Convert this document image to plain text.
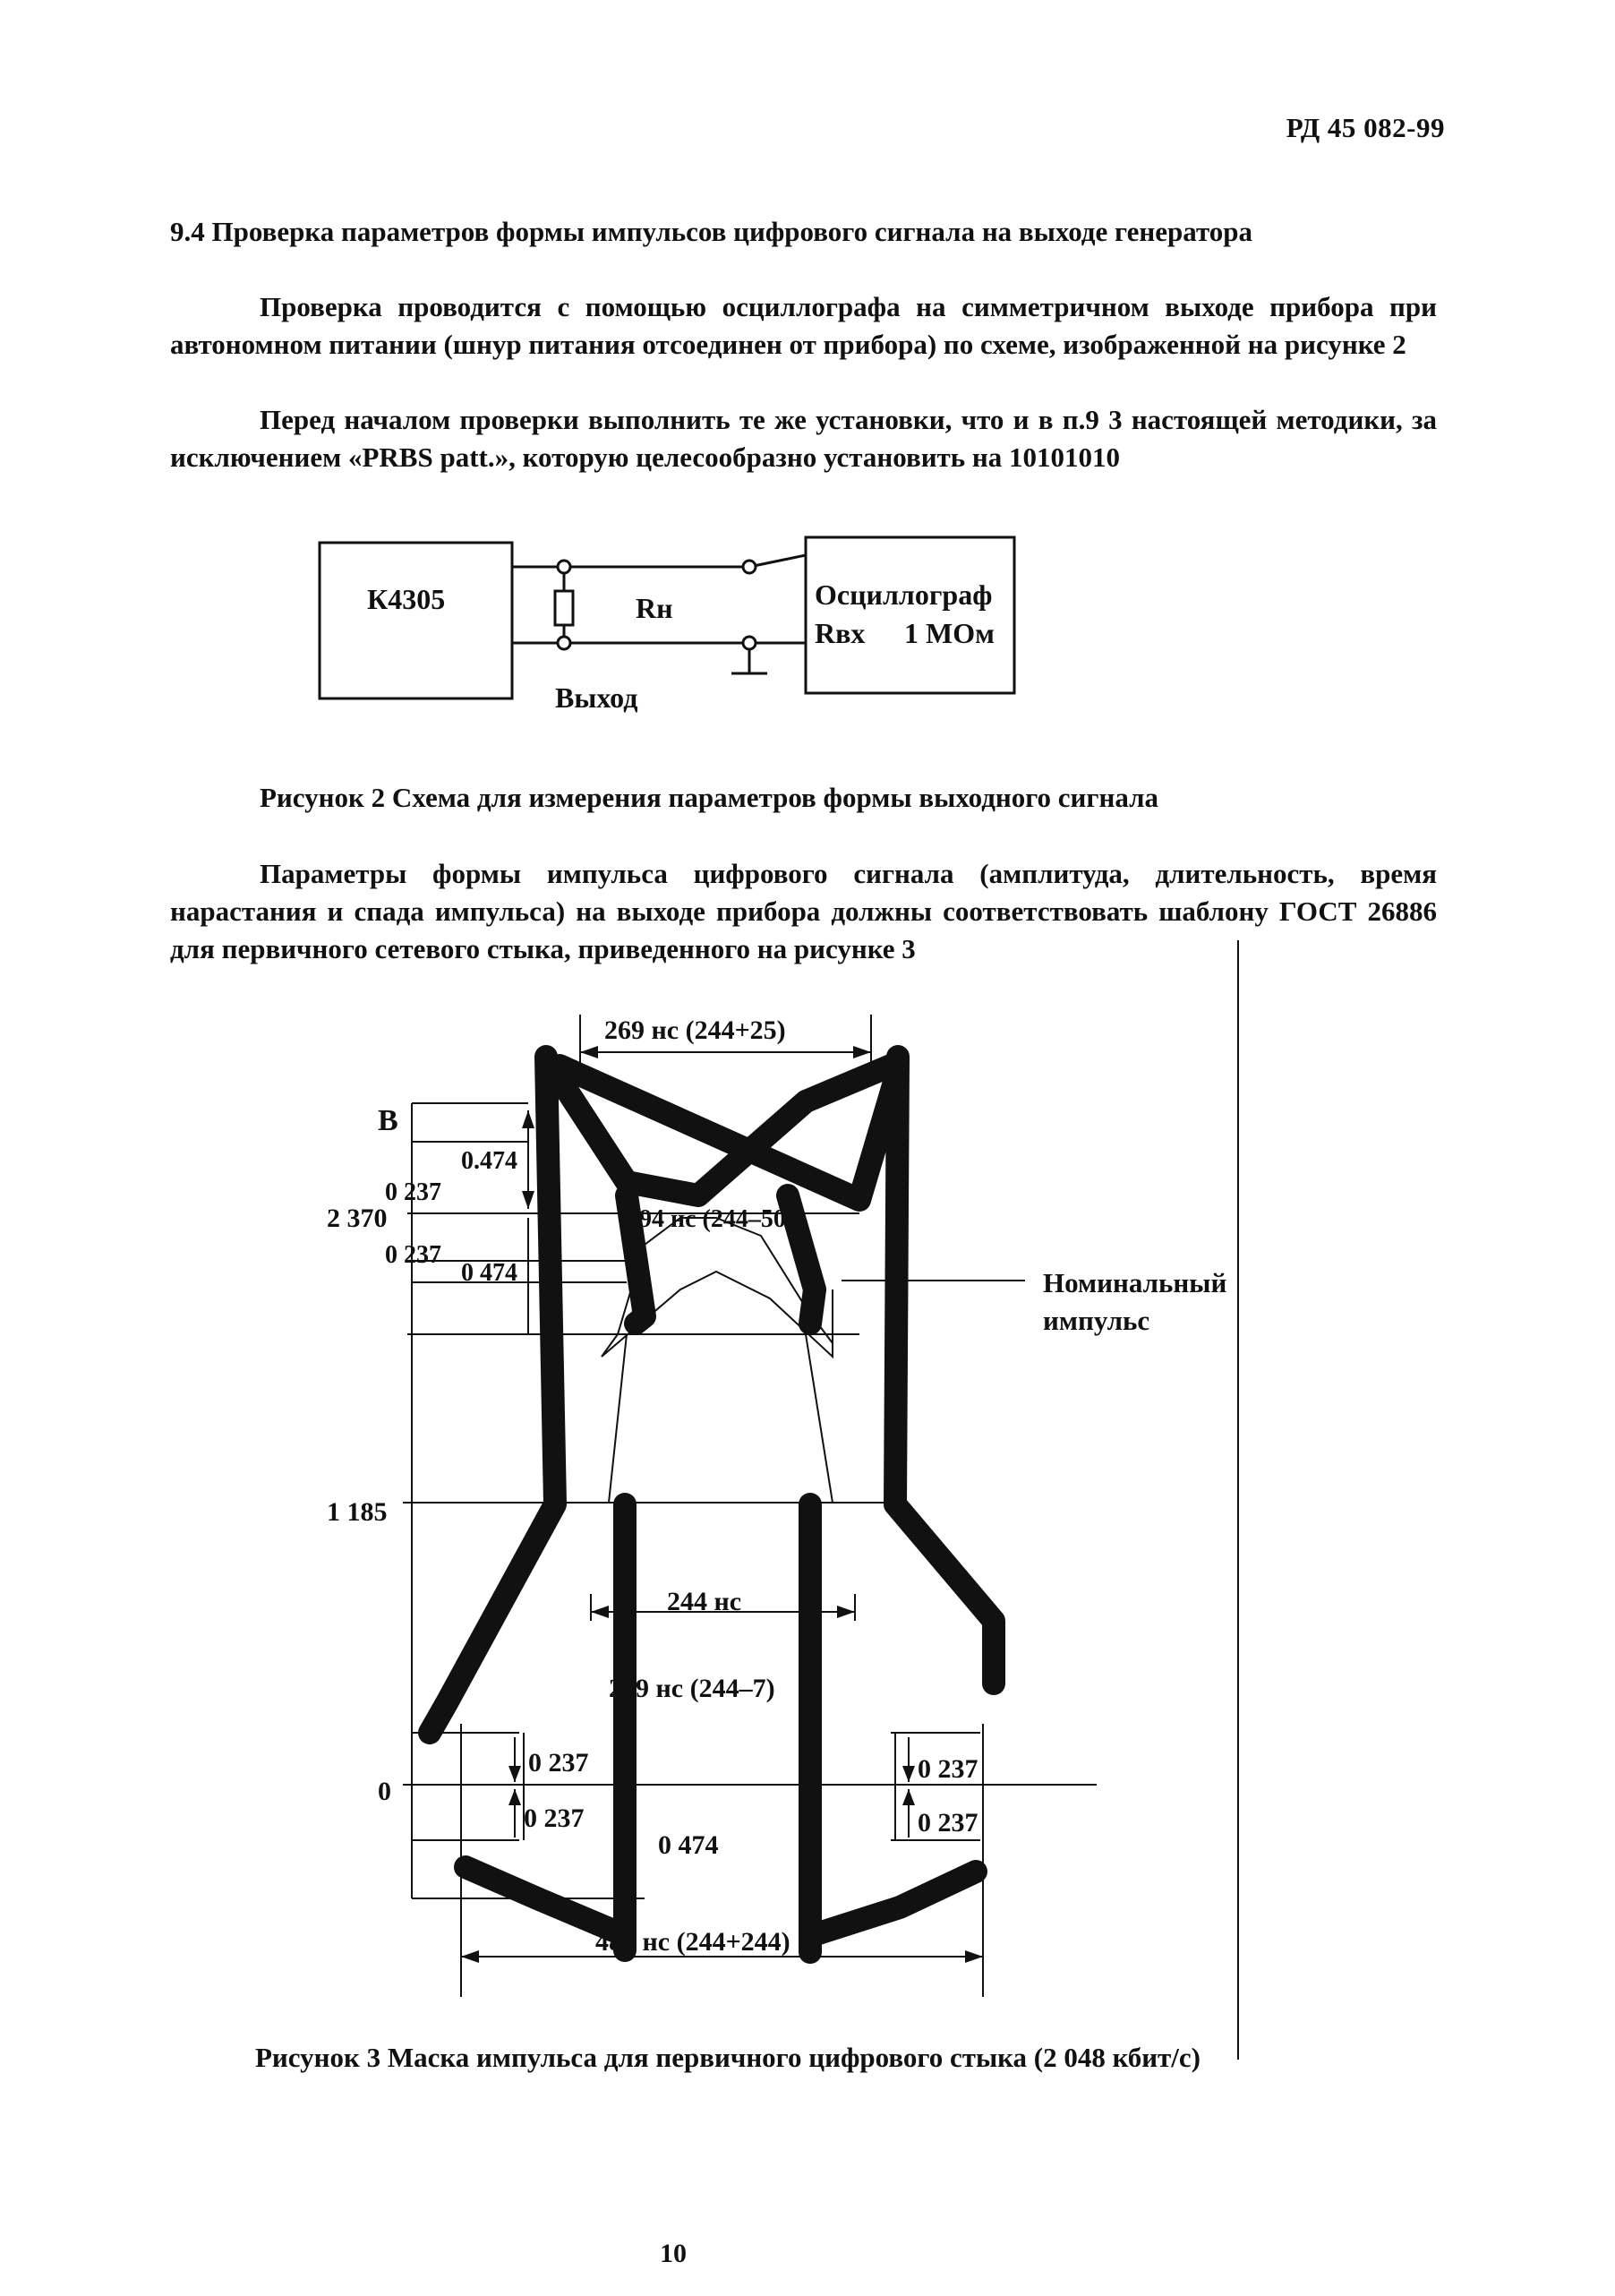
РД 45 082-99
9.4 Проверка параметров формы импульсов цифрового сигнала на выходе генератора
Проверка проводится с помощью осциллографа на симметричном выходе прибора при автономном питании (шнур питания отсоединен от прибора) по схеме, изображенной на рисунке 2
Перед началом проверки выполнить те же установки, что и в п.9 3 настоящей методики, за исключением «PRBS patt.», которую целесообразно установить на 10101010
К4305	Rн
Выход
Осциллограф
Rвх 1 МОм
Рисунок 2 Схема для измерения параметров формы выходного сигнала
Параметры формы импульса цифрового сигнала (амплитуда, длительность, время нарастания и спада импульса) на выходе прибора должны соответствовать шаблону ГОСТ 26886 для первичного сетевого стыка, приведенного на рисунке 3
В
2 370
1 185
0
269 нс (244+25)
194 нс (244–50)
244 нс
219 нс (244–7)
488 нс (244+244)
0.474
0 237
0 237
0 474
0 237
0 237
0 474
0 237
0 237
Номинальный
импульс
Рисунок 3 Маска импульса для первичного цифрового стыка (2 048 кбит/с)
10
